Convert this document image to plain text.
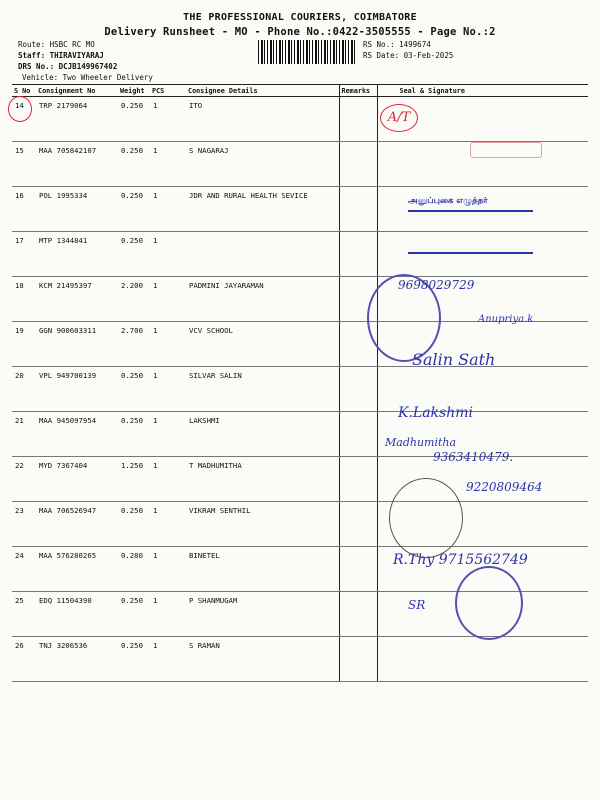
THE PROFESSIONAL COURIERS, COIMBATORE
Delivery Runsheet - MO - Phone No.:0422-3505555 - Page No.:2
Route: HSBC RC MO
Staff: THIRAVIYARAJ
DRS No.: DCJB149967402
Vehicle: Two Wheeler Delivery
RS No.: 1499674
RS Date: 03-Feb-2025
S No	Consignment No	Weight	PCS	Consignee Details	Remarks	Seal & Signature
14	TRP 2179064	0.250	1	ITO		
15	MAA 705842107	0.250	1	S NAGARAJ		
16	POL 1995334	0.250	1	JDR AND RURAL HEALTH SEVICE		
17	MTP 1344841	0.250	1			
18	KCM 21495397	2.200	1	PADMINI JAYARAMAN		
19	GGN 900603311	2.700	1	VCV SCHOOL		
20	VPL 949700139	0.250	1	SILVAR SALIN		
21	MAA 945097954	0.250	1	LAKSHMI		
22	MYD 7367404	1.250	1	T MADHUMITHA		
23	MAA 706526947	0.250	1	VIKRAM SENTHIL		
24	MAA 576280265	0.280	1	BINETEL		
25	EDQ 11504390	0.250	1	P SHANMUGAM		
26	TNJ 3206536	0.250	1	S RAMAN		
A/T
அனுப்புகை எழுத்தர்
9698029729
Anupriya.k
Salin Sath
K.Lakshmi
Madhumitha
9363410479.
9220809464
R.Thy 9715562749
SR
